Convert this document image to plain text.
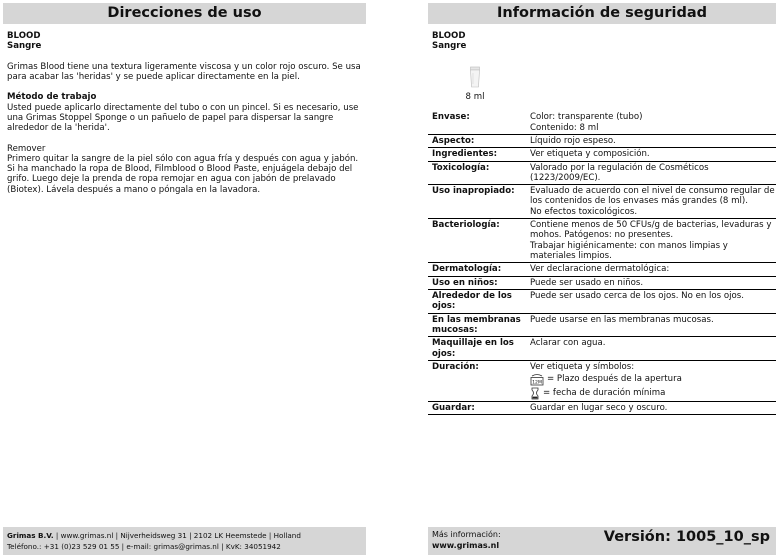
Direcciones de uso
BLOOD
Sangre
Grimas Blood tiene una textura ligeramente viscosa y un color rojo oscuro. Se usa para acabar las 'heridas' y se puede aplicar directamente en la piel.
Método de trabajo
Usted puede aplicarlo directamente del tubo o con un pincel. Si es necesario, use una Grimas Stoppel Sponge o un pañuelo de papel para dispersar la sangre alrededor de la 'herida'.
Remover
Primero quitar la sangre de la piel sólo con agua fría y después con agua y jabón.
Si ha manchado la ropa de Blood, Filmblood o Blood Paste, enjuágela debajo del grifo. Luego deje la prenda de ropa remojar en agua con jabón de prelavado (Biotex). Lávela después a mano o póngala en la lavadora.
Información de seguridad
BLOOD
Sangre
8 ml
Envase:	Color: transparente (tubo)
Contenido: 8 ml

Aspecto:	Líquido rojo espeso.

Ingredientes:	Ver etiqueta y composición.

Toxicología:	Valorado por la regulación de Cosméticos (1223/2009/EC).

Uso inapropiado:	Evaluado de acuerdo con el nivel de consumo regular de los contenidos de los envases más grandes (8 ml).
No efectos toxicológicos.

Bacteriología:	Contiene menos de 50 CFUs/g de bacterias, levaduras y mohos. Patógenos: no presentes.
Trabajar higiénicamente: con manos limpias y materiales limpios.

Dermatología:	Ver declaracione dermatológica:

Uso en niños:	Puede ser usado en niños.

Alrededor de los ojos:	Puede ser usado cerca de los ojos. No en los ojos.

En las membranas mucosas:	Puede usarse en las membranas mucosas.

Maquillaje en los ojos:	Aclarar con agua.

Duración:	Ver etiqueta y símbolos:
12M = Plazo después de la apertura
= fecha de duración mínima

Guardar:	Guardar en lugar seco y oscuro.
Grimas B.V. | www.grimas.nl | Nijverheidsweg 31 | 2102 LK Heemstede | Holland
Teléfono.: +31 (0)23 529 01 55 | e-mail: grimas@grimas.nl | KvK: 34051942
Más información:
www.grimas.nl
Versión: 1005_10_sp
